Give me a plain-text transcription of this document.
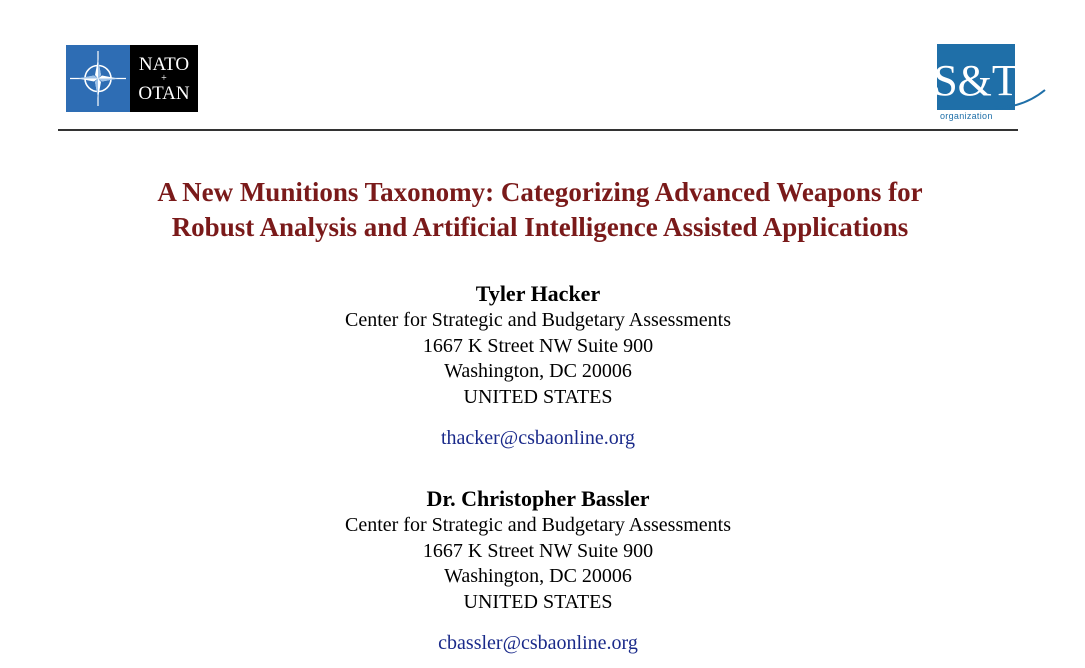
NATO
+
OTAN	S&T
organization
A New Munitions Taxonomy: Categorizing Advanced Weapons for
Robust Analysis and Artificial Intelligence Assisted Applications
Tyler Hacker
Center for Strategic and Budgetary Assessments
1667 K Street NW Suite 900
Washington, DC 20006
UNITED STATES
thacker@csbaonline.org
Dr. Christopher Bassler
Center for Strategic and Budgetary Assessments
1667 K Street NW Suite 900
Washington, DC 20006
UNITED STATES
cbassler@csbaonline.org
